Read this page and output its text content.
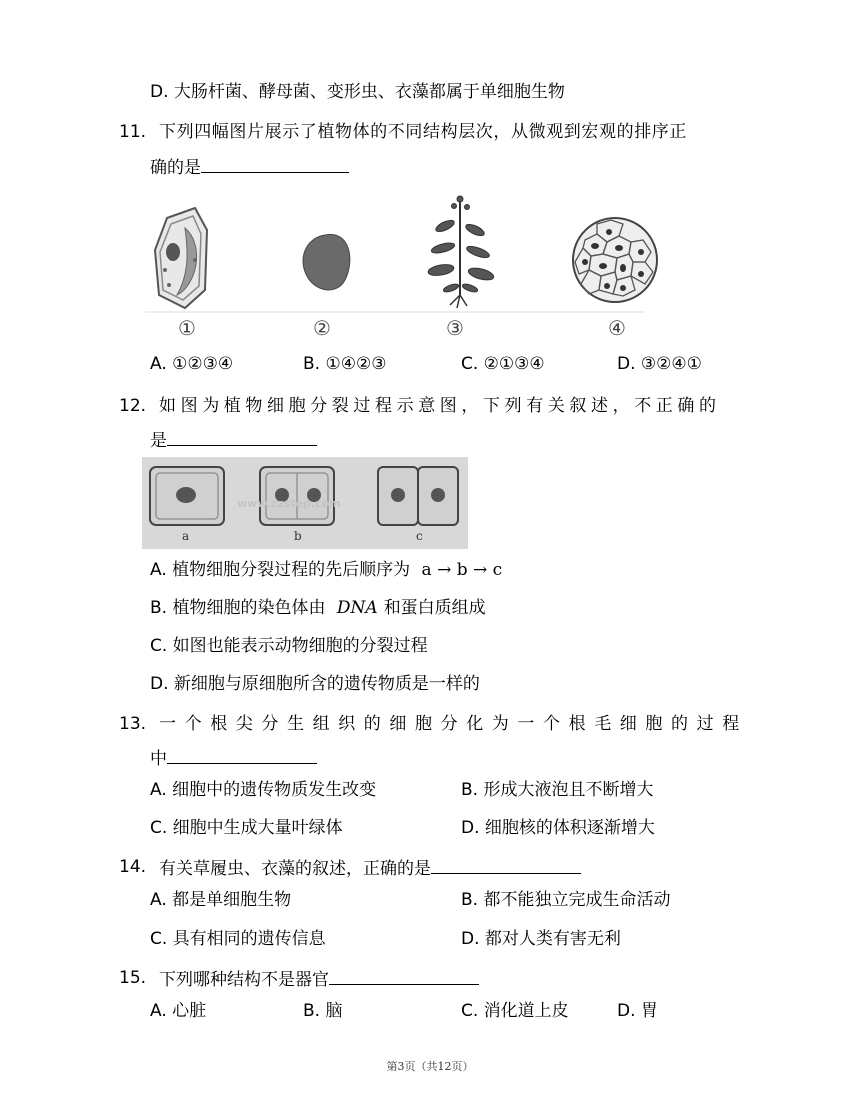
D. 大肠杆菌、酵母菌、变形虫、衣藻都属于单细胞生物
11. 下列四幅图片展示了植物体的不同结构层次，从微观到宏观的排序正
确的是
①	②	③	④
A. ①②③④	B. ①④②③	C. ②①③④	D. ③②④①
12. 如图为植物细胞分裂过程示意图，下列有关叙述，不正确的
是
www.zzstep.com
a	b	c
A. 植物细胞分裂过程的先后顺序为 a → b → c
B. 植物细胞的染色体由 DNA 和蛋白质组成
C. 如图也能表示动物细胞的分裂过程
D. 新细胞与原细胞所含的遗传物质是一样的
13. 一个根尖分生组织的细胞分化为一个根毛细胞的过程
中
A. 细胞中的遗传物质发生改变	B. 形成大液泡且不断增大
C. 细胞中生成大量叶绿体	D. 细胞核的体积逐渐增大
14. 有关草履虫、衣藻的叙述，正确的是
A. 都是单细胞生物	B. 都不能独立完成生命活动
C. 具有相同的遗传信息	D. 都对人类有害无利
15. 下列哪种结构不是器官
A. 心脏	B. 脑	C. 消化道上皮	D. 胃
第3页（共12页）
